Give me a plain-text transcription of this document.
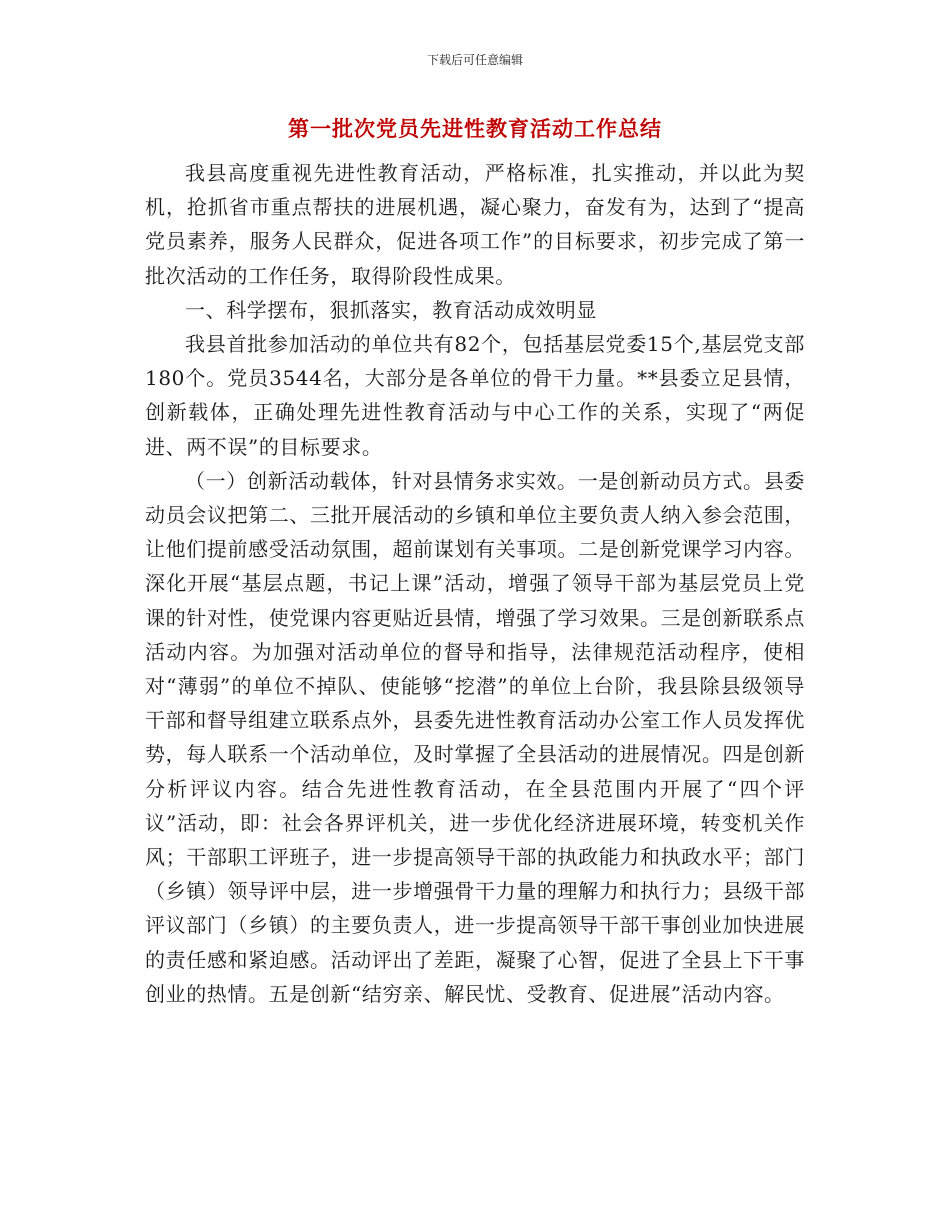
下载后可任意编辑
第一批次党员先进性教育活动工作总结

我县高度重视先进性教育活动，严格标准，扎实推动，并以此为契机，抢抓省市重点帮扶的进展机遇，凝心聚力，奋发有为，达到了“提高党员素养，服务人民群众，促进各项工作”的目标要求，初步完成了第一批次活动的工作任务，取得阶段性成果。

一、科学摆布，狠抓落实，教育活动成效明显

我县首批参加活动的单位共有82个，包括基层党委15个,基层党支部180个。党员3544名，大部分是各单位的骨干力量。**县委立足县情，创新载体，正确处理先进性教育活动与中心工作的关系，实现了“两促进、两不误”的目标要求。

（一）创新活动载体，针对县情务求实效。一是创新动员方式。县委动员会议把第二、三批开展活动的乡镇和单位主要负责人纳入参会范围，让他们提前感受活动氛围，超前谋划有关事项。二是创新党课学习内容。深化开展“基层点题，书记上课”活动，增强了领导干部为基层党员上党课的针对性，使党课内容更贴近县情，增强了学习效果。三是创新联系点活动内容。为加强对活动单位的督导和指导，法律规范活动程序，使相对“薄弱”的单位不掉队、使能够“挖潜”的单位上台阶，我县除县级领导干部和督导组建立联系点外，县委先进性教育活动办公室工作人员发挥优势，每人联系一个活动单位，及时掌握了全县活动的进展情况。四是创新分析评议内容。结合先进性教育活动，在全县范围内开展了“四个评议”活动，即：社会各界评机关，进一步优化经济进展环境，转变机关作风；干部职工评班子，进一步提高领导干部的执政能力和执政水平；部门（乡镇）领导评中层，进一步增强骨干力量的理解力和执行力；县级干部评议部门（乡镇）的主要负责人，进一步提高领导干部干事创业加快进展的责任感和紧迫感。活动评出了差距，凝聚了心智，促进了全县上下干事创业的热情。五是创新“结穷亲、解民忧、受教育、促进展”活动内容。
